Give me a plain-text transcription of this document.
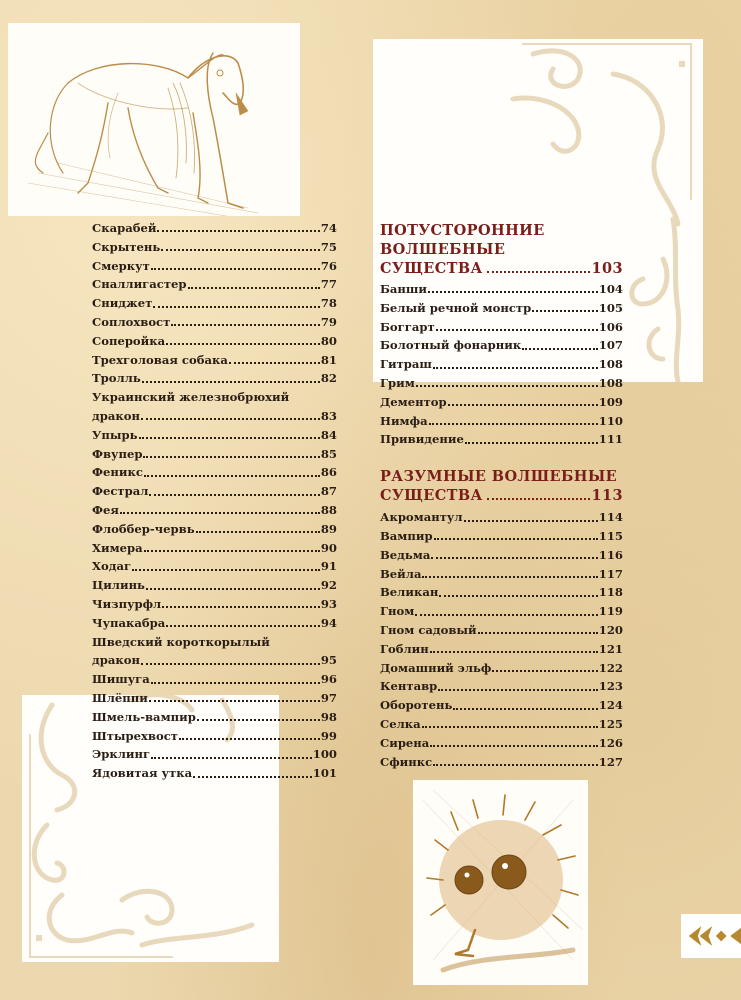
Скарабей	74
Скрытень	75
Смеркут	76
Сналлигастер	77
Сниджет	78
Соплохвост	79
Соперойка	80
Трехголовая собака	81
Тролль	82
Украинский железнобрюхий
дракон	83
Упырь	84
Фвупер	85
Феникс	86
Фестрал	87
Фея	88
Флоббер-червь	89
Химера	90
Ходаг	91
Цилинь	92
Чизпурфл	93
Чупакабра	94
Шведский короткорылый
дракон	95
Шишуга	96
Шлёппи	97
Шмель-вампир	98
Штырехвост	99
Эрклинг	100
Ядовитая утка	101
ПОТУСТОРОННИЕ
ВОЛШЕБНЫЕ
СУЩЕСТВА	103
Банши	104
Белый речной монстр	105
Боггарт	106
Болотный фонарник	107
Гитраш	108
Грим	108
Дементор	109
Нимфа	110
Привидение	111
РАЗУМНЫЕ ВОЛШЕБНЫЕ
СУЩЕСТВА	113
Акромантул	114
Вампир	115
Ведьма	116
Вейла	117
Великан	118
Гном	119
Гном садовый	120
Гоблин	121
Домашний эльф	122
Кентавр	123
Оборотень	124
Селка	125
Сирена	126
Сфинкс	127
